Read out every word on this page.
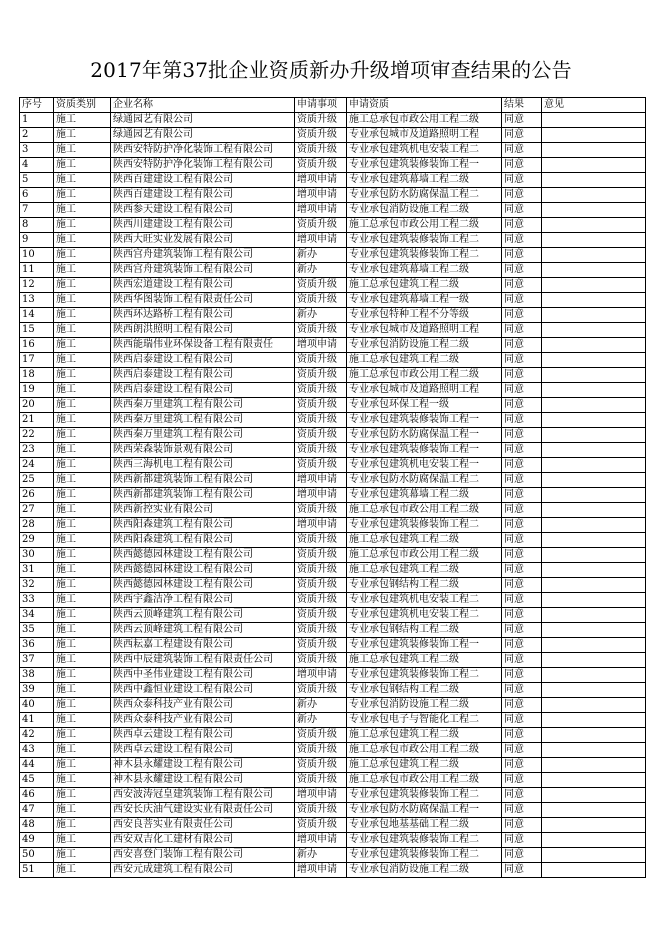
2017年第37批企业资质新办升级增项审查结果的公告
序号	资质类别	企业名称	申请事项	申请资质	结果	意见
1	施工	绿通园艺有限公司	资质升级	施工总承包市政公用工程二级	同意	
2	施工	绿通园艺有限公司	资质升级	专业承包城市及道路照明工程	同意	
3	施工	陕西安特防护净化装饰工程有限公司	资质升级	专业承包建筑机电安装工程二	同意	
4	施工	陕西安特防护净化装饰工程有限公司	资质升级	专业承包建筑装修装饰工程一	同意	
5	施工	陕西百建建设工程有限公司	增项申请	专业承包建筑幕墙工程二级	同意	
6	施工	陕西百建建设工程有限公司	增项申请	专业承包防水防腐保温工程二	同意	
7	施工	陕西参天建设工程有限公司	增项申请	专业承包消防设施工程二级	同意	
8	施工	陕西川建建设工程有限公司	资质升级	施工总承包市政公用工程二级	同意	
9	施工	陕西大旺实业发展有限公司	增项申请	专业承包建筑装修装饰工程二	同意	
10	施工	陕西宫舟建筑装饰工程有限公司	新办	专业承包建筑装修装饰工程二	同意	
11	施工	陕西宫舟建筑装饰工程有限公司	新办	专业承包建筑幕墙工程二级	同意	
12	施工	陕西宏道建设工程有限公司	资质升级	施工总承包建筑工程二级	同意	
13	施工	陕西华图装饰工程有限责任公司	资质升级	专业承包建筑幕墙工程一级	同意	
14	施工	陕西环达路桥工程有限公司	新办	专业承包特种工程不分等级	同意	
15	施工	陕西朗洪照明工程有限公司	资质升级	专业承包城市及道路照明工程	同意	
16	施工	陕西能瑞伟业环保设备工程有限责任	增项申请	专业承包消防设施工程二级	同意	
17	施工	陕西启泰建设工程有限公司	资质升级	施工总承包建筑工程二级	同意	
18	施工	陕西启泰建设工程有限公司	资质升级	施工总承包市政公用工程二级	同意	
19	施工	陕西启泰建设工程有限公司	资质升级	专业承包城市及道路照明工程	同意	
20	施工	陕西秦万里建筑工程有限公司	资质升级	专业承包环保工程一级	同意	
21	施工	陕西秦万里建筑工程有限公司	资质升级	专业承包建筑装修装饰工程一	同意	
22	施工	陕西秦万里建筑工程有限公司	资质升级	专业承包防水防腐保温工程一	同意	
23	施工	陕西荣森装饰景观有限公司	资质升级	专业承包建筑装修装饰工程一	同意	
24	施工	陕西三海机电工程有限公司	资质升级	专业承包建筑机电安装工程一	同意	
25	施工	陕西新都建筑装饰工程有限公司	增项申请	专业承包防水防腐保温工程二	同意	
26	施工	陕西新都建筑装饰工程有限公司	增项申请	专业承包建筑幕墙工程二级	同意	
27	施工	陕西新控实业有限公司	资质升级	施工总承包市政公用工程二级	同意	
28	施工	陕西阳森建筑工程有限公司	增项申请	专业承包建筑装修装饰工程二	同意	
29	施工	陕西阳森建筑工程有限公司	资质升级	施工总承包建筑工程二级	同意	
30	施工	陕西懿德园林建设工程有限公司	资质升级	施工总承包市政公用工程二级	同意	
31	施工	陕西懿德园林建设工程有限公司	资质升级	施工总承包建筑工程二级	同意	
32	施工	陕西懿德园林建设工程有限公司	资质升级	专业承包钢结构工程二级	同意	
33	施工	陕西宇鑫洁净工程有限公司	资质升级	专业承包建筑机电安装工程二	同意	
34	施工	陕西云顶峰建筑工程有限公司	资质升级	专业承包建筑机电安装工程二	同意	
35	施工	陕西云顶峰建筑工程有限公司	资质升级	专业承包钢结构工程二级	同意	
36	施工	陕西耘嘉工程建设有限公司	资质升级	专业承包建筑装修装饰工程一	同意	
37	施工	陕西中辰建筑装饰工程有限责任公司	资质升级	施工总承包建筑工程二级	同意	
38	施工	陕西中圣伟业建设工程有限公司	增项申请	专业承包建筑装修装饰工程二	同意	
39	施工	陕西中鑫恒业建设工程有限公司	资质升级	专业承包钢结构工程二级	同意	
40	施工	陕西众泰科技产业有限公司	新办	专业承包消防设施工程二级	同意	
41	施工	陕西众泰科技产业有限公司	新办	专业承包电子与智能化工程二	同意	
42	施工	陕西卓云建设工程有限公司	资质升级	施工总承包建筑工程二级	同意	
43	施工	陕西卓云建设工程有限公司	资质升级	施工总承包市政公用工程二级	同意	
44	施工	神木县永耀建设工程有限公司	资质升级	施工总承包建筑工程二级	同意	
45	施工	神木县永耀建设工程有限公司	资质升级	施工总承包市政公用工程二级	同意	
46	施工	西安波涛冠皇建筑装饰工程有限公司	增项申请	专业承包建筑装修装饰工程二	同意	
47	施工	西安长庆油气建设实业有限责任公司	资质升级	专业承包防水防腐保温工程一	同意	
48	施工	西安良菩实业有限责任公司	资质升级	专业承包地基基础工程二级	同意	
49	施工	西安双吉化工建材有限公司	增项申请	专业承包建筑装修装饰工程二	同意	
50	施工	西安喜登门装饰工程有限公司	新办	专业承包建筑装修装饰工程二	同意	
51	施工	西安元成建筑工程有限公司	增项申请	专业承包消防设施工程二级	同意	
